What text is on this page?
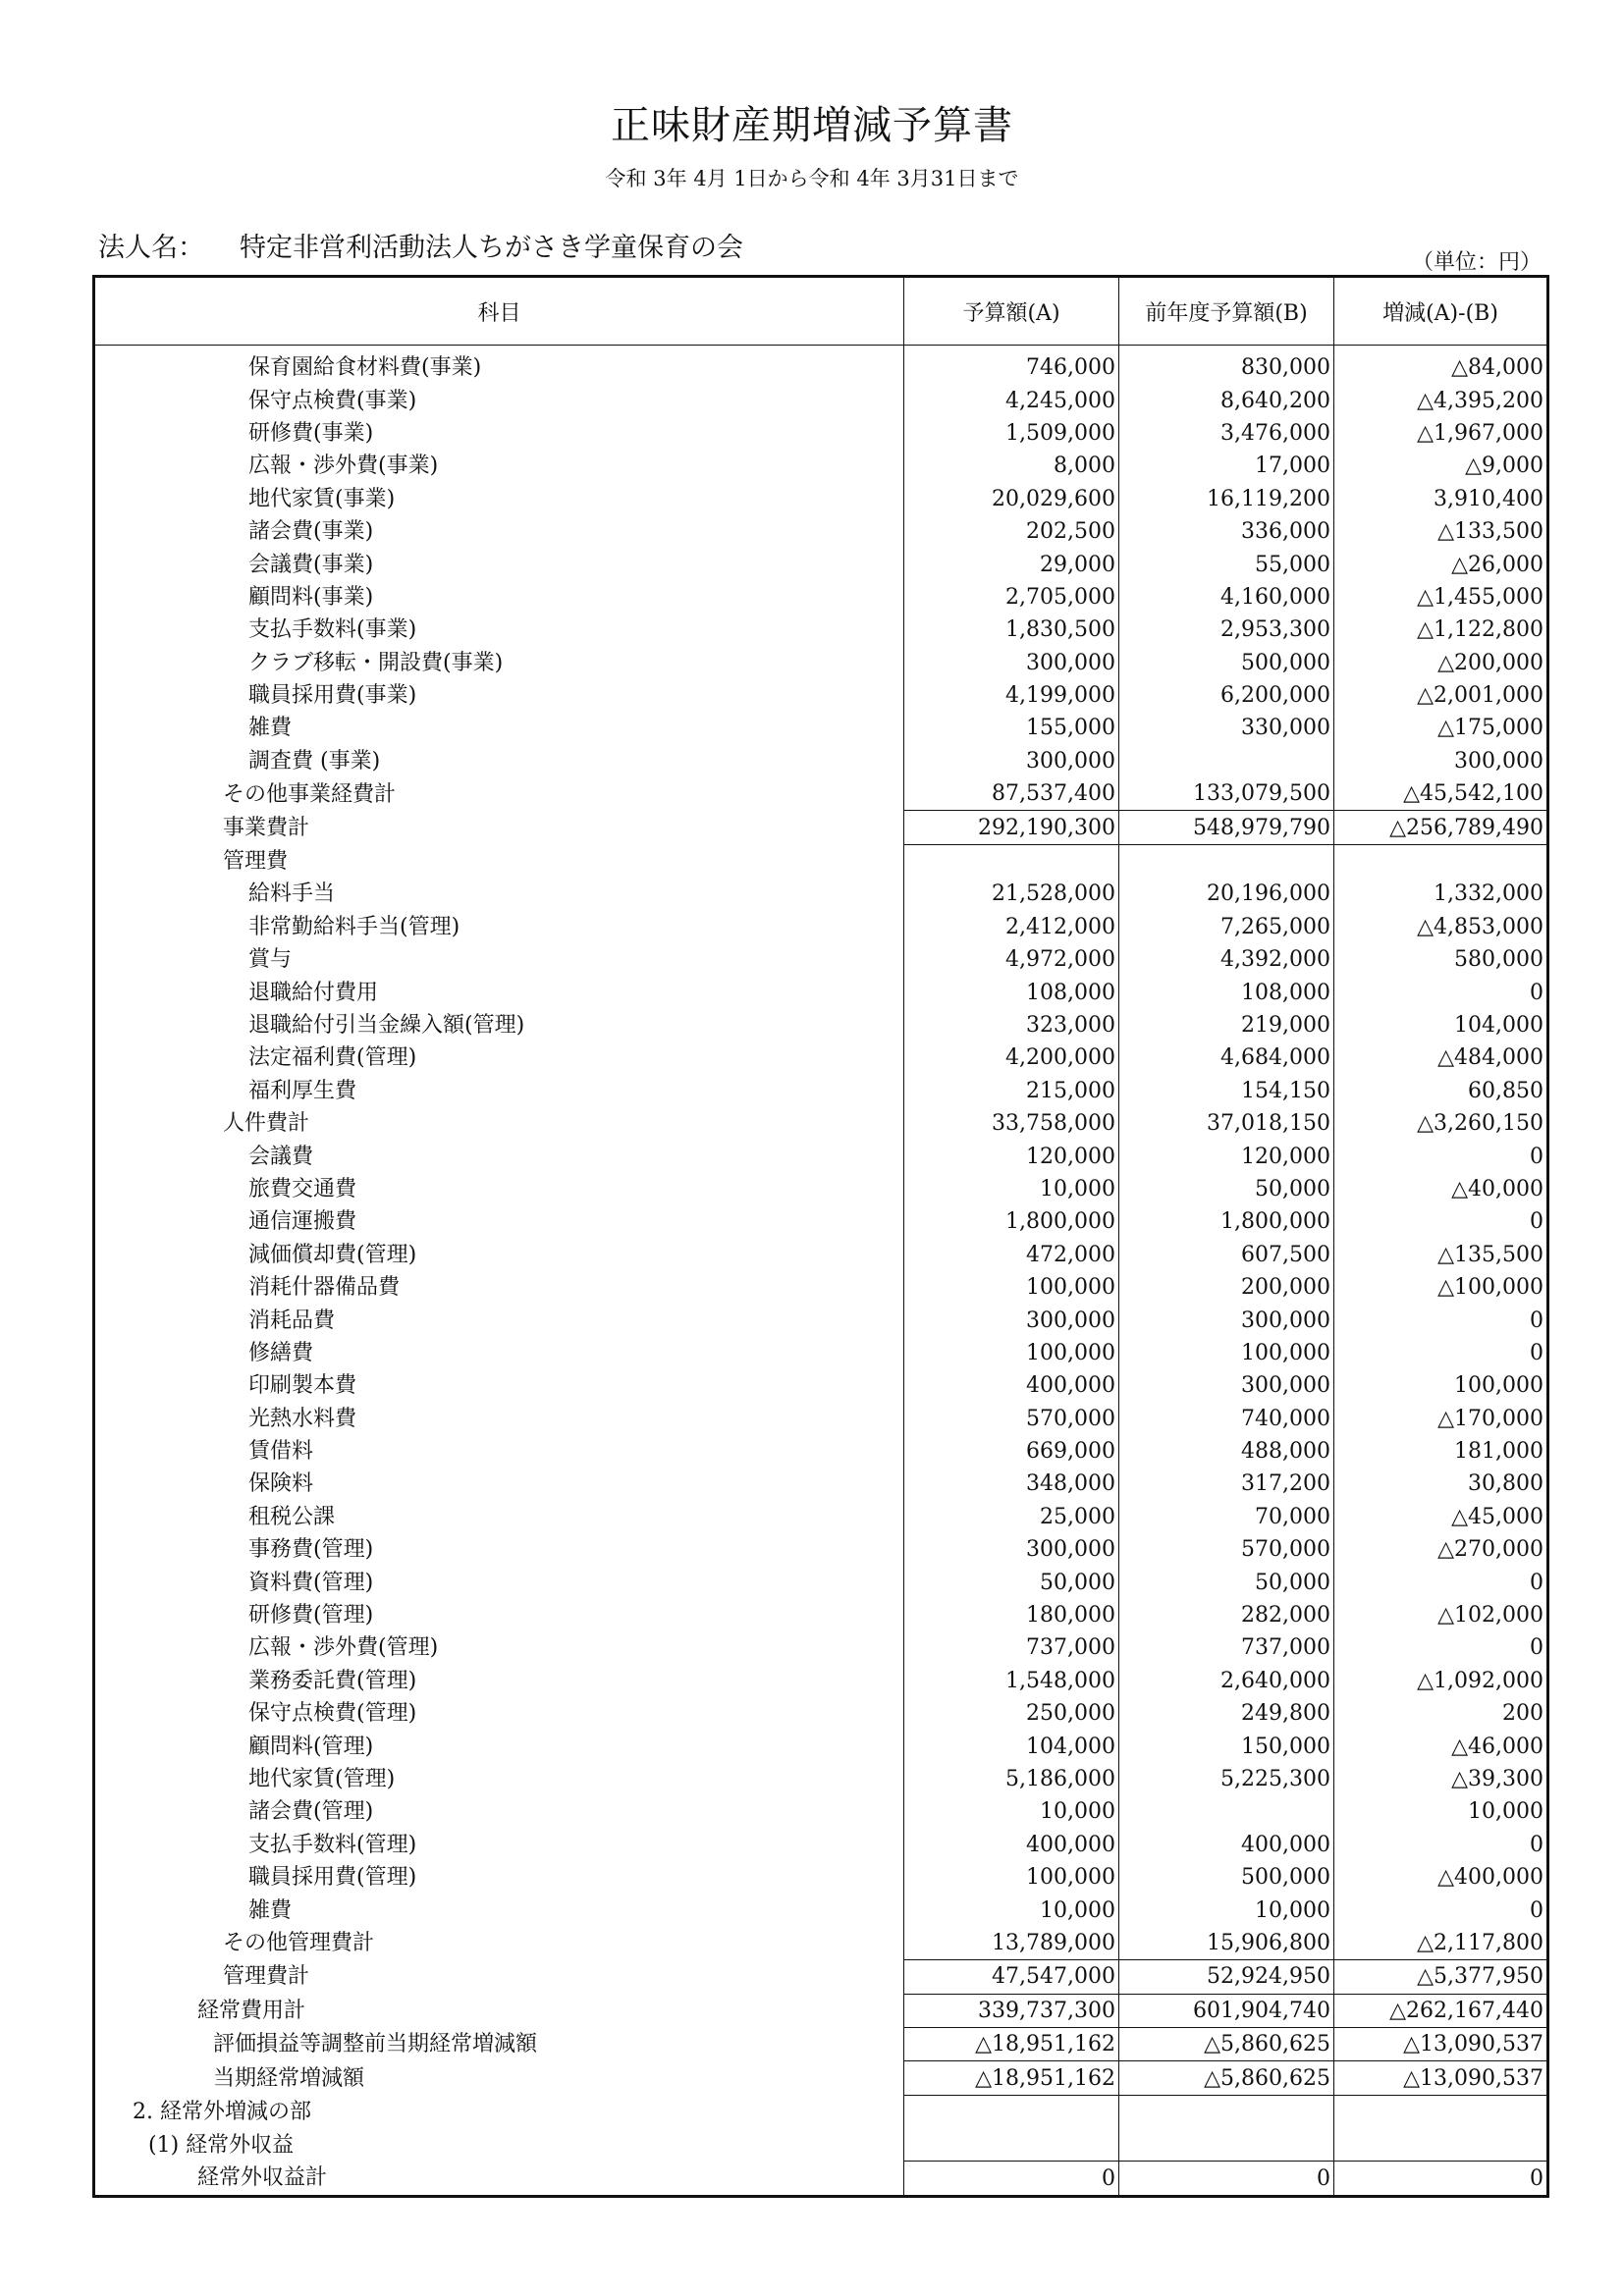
正味財産期増減予算書
令和 3年 4月 1日から令和 4年 3月31日まで
法人名： 特定非営利活動法人ちがさき学童保育の会	（単位：円）
科目	予算額(A)	前年度予算額(B)	増減(A)-(B)
保育園給食材料費(事業)	746,000	830,000	△84,000
保守点検費(事業)	4,245,000	8,640,200	△4,395,200
研修費(事業)	1,509,000	3,476,000	△1,967,000
広報・渉外費(事業)	8,000	17,000	△9,000
地代家賃(事業)	20,029,600	16,119,200	3,910,400
諸会費(事業)	202,500	336,000	△133,500
会議費(事業)	29,000	55,000	△26,000
顧問料(事業)	2,705,000	4,160,000	△1,455,000
支払手数料(事業)	1,830,500	2,953,300	△1,122,800
クラブ移転・開設費(事業)	300,000	500,000	△200,000
職員採用費(事業)	4,199,000	6,200,000	△2,001,000
雑費	155,000	330,000	△175,000
調査費 (事業)	300,000		300,000
その他事業経費計	87,537,400	133,079,500	△45,542,100
事業費計	292,190,300	548,979,790	△256,789,490
管理費			
給料手当	21,528,000	20,196,000	1,332,000
非常勤給料手当(管理)	2,412,000	7,265,000	△4,853,000
賞与	4,972,000	4,392,000	580,000
退職給付費用	108,000	108,000	0
退職給付引当金繰入額(管理)	323,000	219,000	104,000
法定福利費(管理)	4,200,000	4,684,000	△484,000
福利厚生費	215,000	154,150	60,850
人件費計	33,758,000	37,018,150	△3,260,150
会議費	120,000	120,000	0
旅費交通費	10,000	50,000	△40,000
通信運搬費	1,800,000	1,800,000	0
減価償却費(管理)	472,000	607,500	△135,500
消耗什器備品費	100,000	200,000	△100,000
消耗品費	300,000	300,000	0
修繕費	100,000	100,000	0
印刷製本費	400,000	300,000	100,000
光熱水料費	570,000	740,000	△170,000
賃借料	669,000	488,000	181,000
保険料	348,000	317,200	30,800
租税公課	25,000	70,000	△45,000
事務費(管理)	300,000	570,000	△270,000
資料費(管理)	50,000	50,000	0
研修費(管理)	180,000	282,000	△102,000
広報・渉外費(管理)	737,000	737,000	0
業務委託費(管理)	1,548,000	2,640,000	△1,092,000
保守点検費(管理)	250,000	249,800	200
顧問料(管理)	104,000	150,000	△46,000
地代家賃(管理)	5,186,000	5,225,300	△39,300
諸会費(管理)	10,000		10,000
支払手数料(管理)	400,000	400,000	0
職員採用費(管理)	100,000	500,000	△400,000
雑費	10,000	10,000	0
その他管理費計	13,789,000	15,906,800	△2,117,800
管理費計	47,547,000	52,924,950	△5,377,950
経常費用計	339,737,300	601,904,740	△262,167,440
評価損益等調整前当期経常増減額	△18,951,162	△5,860,625	△13,090,537
当期経常増減額	△18,951,162	△5,860,625	△13,090,537
2. 経常外増減の部			
(1) 経常外収益			
経常外収益計	0	0	0
